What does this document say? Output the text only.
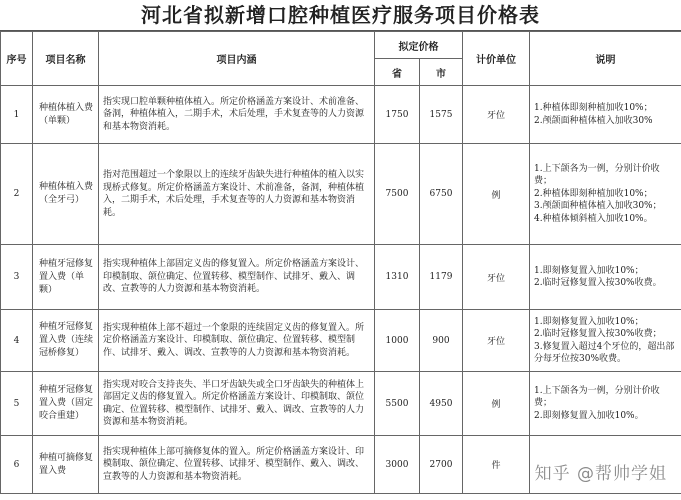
河北省拟新增口腔种植医疗服务项目价格表
序号	项目名称	项目内涵	拟定价格		计价单位	说明
			省	市		
1	种植体植入费（单颗）	指实现口腔单颗种植体植入。所定价格涵盖方案设计、术前准备、备洞，种植体植入，二期手术，术后处理，手术复查等的人力资源和基本物资消耗。	1750	1575	牙位	1.种植体即刻种植加收10%；
2.颅颌面种植体植入加收30%

2	种植体植入费（全牙弓）	指对范围超过一个象限以上的连续牙齿缺失进行种植体的植入以实现桥式修复。所定价格涵盖方案设计、术前准备，备洞，种植体植入，二期手术，术后处理，手术复查等的人力资源和基本物资消耗。	7500	6750	例	1.上下颌各为一例，分别计价收费；
2.种植体即刻种植加收10%；
3.颅颌面种植体植入加收30%；
4.种植体倾斜植入加收10%。

3	种植牙冠修复置入费（单颗）	指实现种植体上部固定义齿的修复置入。所定价格涵盖方案设计、印模制取、颌位确定、位置转移、模型制作、试排牙、戴入、调改、宣教等的人力资源和基本物资消耗。	1310	1179	牙位	1.即刻修复置入加收10%；
2.临时冠修复置入按30%收费。

4	种植牙冠修复置入费（连续冠桥修复）	指实现种植体上部不超过一个象限的连续固定义齿的修复置入。所定价格涵盖方案设计、印模制取、颌位确定、位置转移、模型制作、试排牙、戴入、调改、宣教等的人力资源和基本物资消耗。	1000	900	牙位	1.即刻修复置入加收10%；
2.临时冠修复置入按30%收费；
3.修复置入超过4个牙位的，超出部分每牙位按30%收费。

5	种植牙冠修复置入费（固定咬合重建）	指实现对咬合支持丧失、半口牙齿缺失或全口牙齿缺失的种植体上部固定义齿的修复置入。所定价格涵盖方案设计、印模制取、颌位确定、位置转移、模型制作、试排牙、戴入、调改、宣教等的人力资源和基本物资消耗。	5500	4950	例	1.上下颌各为一例，分别计价收费；
2.即刻修复置入加收10%。

6	种植可摘修复置入费	指实现种植体上部可摘修复体的置入。所定价格涵盖方案设计、印模制取、颌位确定、位置转移、试排牙、模型制作、戴入、调改、宣教等的人力资源和基本物资消耗。	3000	2700	件	知乎 @帮帅学姐
